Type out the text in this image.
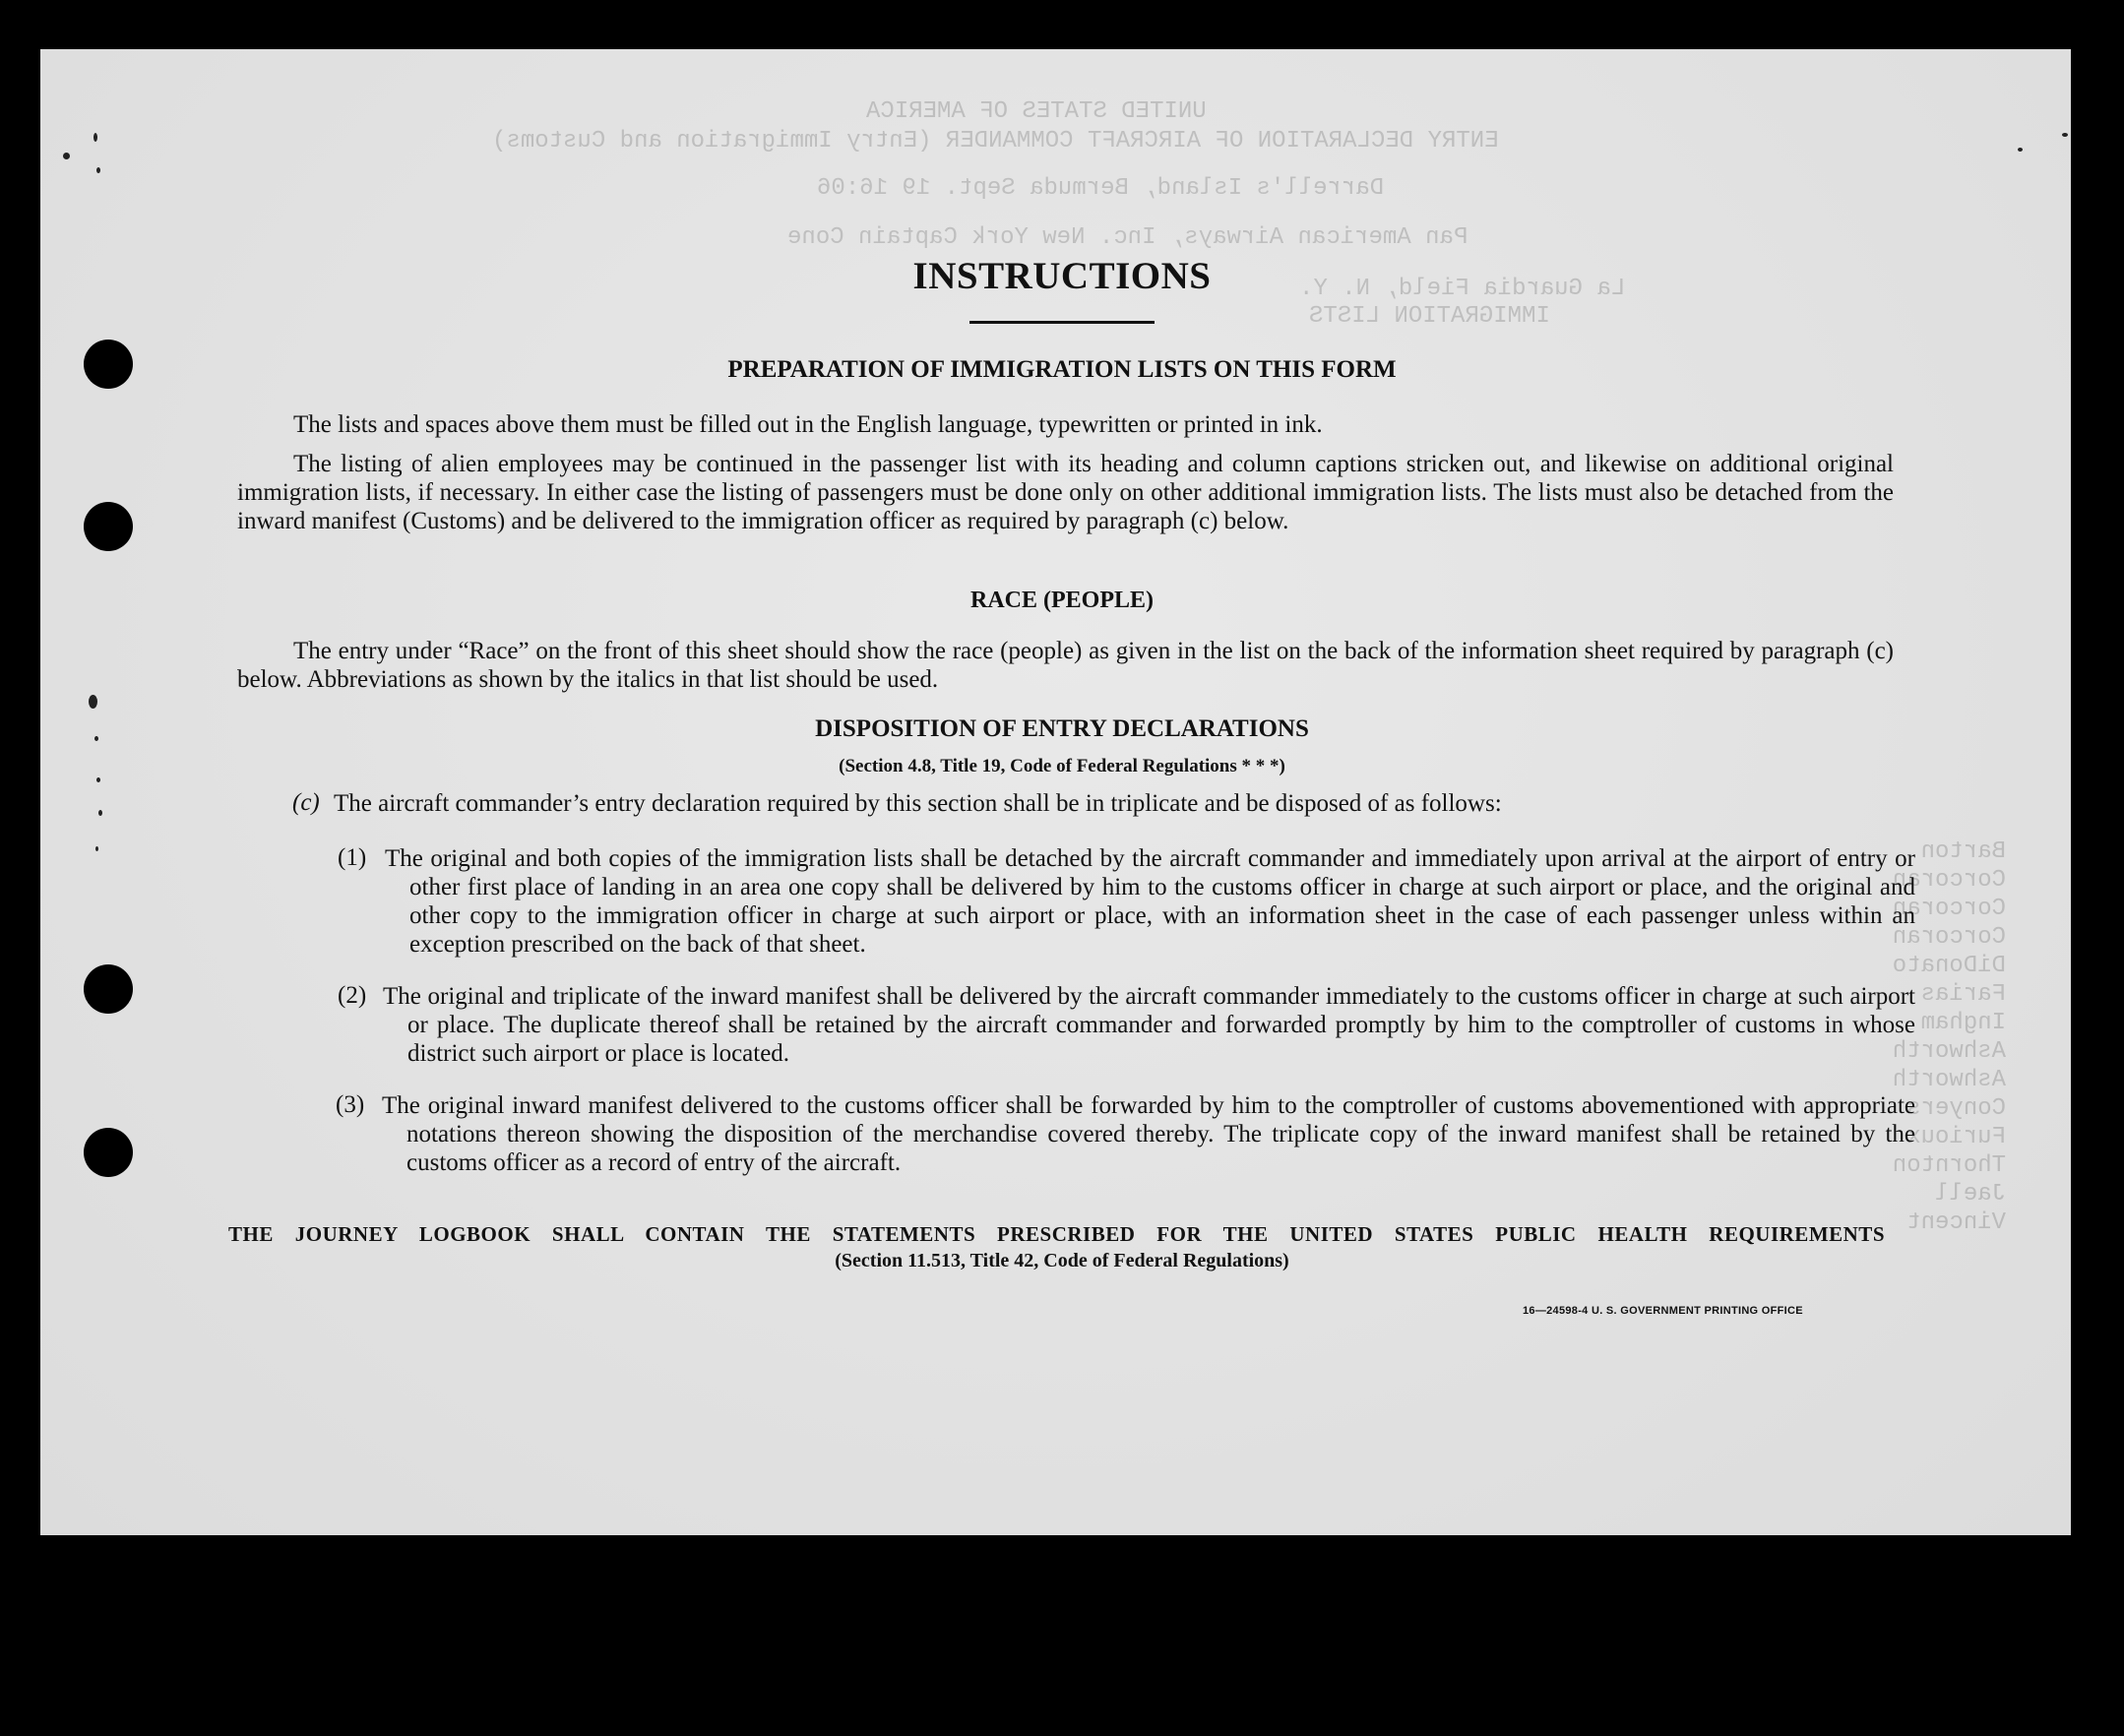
UNITED STATES OF AMERICA
ENTRY DECLARATION OF AIRCRAFT COMMANDER (Entry Immigration and Customs)
Darrell's Island, Bermuda Sept. 19 16:06
Pan American Airways, Inc. New York Captain Cone
La Guardia Field, N. Y.
IMMIGRATION LISTS
Barton
Corcoran
Corcoran
Corcoran
DiDonato
Farias
Ingham
Ashworth
Ashworth
Conyers
Furioux
Thornton
Jaell
Vincent
INSTRUCTIONS
PREPARATION OF IMMIGRATION LISTS ON THIS FORM
The lists and spaces above them must be filled out in the English language, typewritten or printed in ink.
The listing of alien employees may be continued in the passenger list with its heading and column captions stricken out, and likewise on additional original immigration lists, if necessary. In either case the listing of passengers must be done only on other additional immigration lists. The lists must also be detached from the inward manifest (Customs) and be delivered to the immigration officer as required by paragraph (c) below.
RACE (PEOPLE)
The entry under “Race” on the front of this sheet should show the race (people) as given in the list on the back of the information sheet required by paragraph (c) below. Abbreviations as shown by the italics in that list should be used.
DISPOSITION OF ENTRY DECLARATIONS
(Section 4.8, Title 19, Code of Federal Regulations * * *)
(c) The aircraft commander’s entry declaration required by this section shall be in triplicate and be disposed of as follows:
(1) The original and both copies of the immigration lists shall be detached by the aircraft commander and immediately upon arrival at the airport of entry or other first place of landing in an area one copy shall be delivered by him to the customs officer in charge at such airport or place, and the original and other copy to the immigration officer in charge at such airport or place, with an information sheet in the case of each passenger unless within an exception prescribed on the back of that sheet.
(2) The original and triplicate of the inward manifest shall be delivered by the aircraft commander immediately to the customs officer in charge at such airport or place. The duplicate thereof shall be retained by the aircraft commander and forwarded promptly by him to the comptroller of customs in whose district such airport or place is located.
(3) The original inward manifest delivered to the customs officer shall be forwarded by him to the comptroller of customs abovementioned with appropriate notations thereon showing the disposition of the merchandise covered thereby. The triplicate copy of the inward manifest shall be retained by the customs officer as a record of entry of the aircraft.
THE JOURNEY LOGBOOK SHALL CONTAIN THE STATEMENTS PRESCRIBED FOR THE UNITED STATES PUBLIC HEALTH REQUIREMENTS
(Section 11.513, Title 42, Code of Federal Regulations)
16—24598-4 U. S. GOVERNMENT PRINTING OFFICE
